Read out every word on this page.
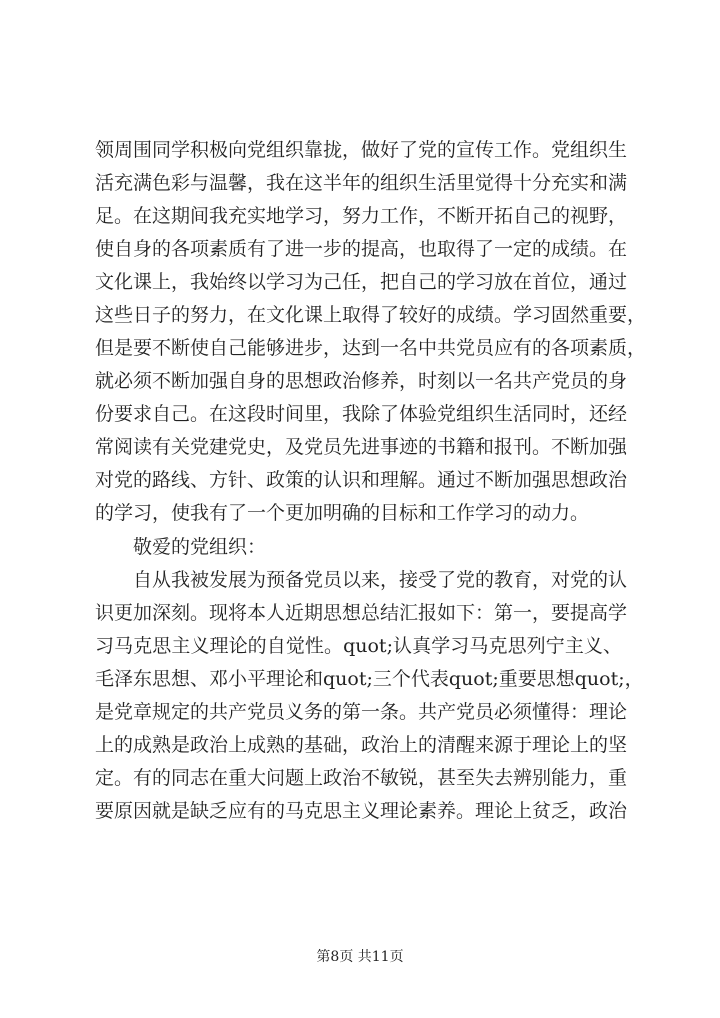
领周围同学积极向党组织靠拢，做好了党的宣传工作。党组织生
活充满色彩与温馨，我在这半年的组织生活里觉得十分充实和满
足。在这期间我充实地学习，努力工作，不断开拓自己的视野，
使自身的各项素质有了进一步的提高，也取得了一定的成绩。在
文化课上，我始终以学习为己任，把自己的学习放在首位，通过
这些日子的努力，在文化课上取得了较好的成绩。学习固然重要，
但是要不断使自己能够进步，达到一名中共党员应有的各项素质，
就必须不断加强自身的思想政治修养，时刻以一名共产党员的身
份要求自己。在这段时间里，我除了体验党组织生活同时，还经
常阅读有关党建党史，及党员先进事迹的书籍和报刊。不断加强
对党的路线、方针、政策的认识和理解。通过不断加强思想政治
的学习，使我有了一个更加明确的目标和工作学习的动力。
敬爱的党组织：
自从我被发展为预备党员以来，接受了党的教育，对党的认
识更加深刻。现将本人近期思想总结汇报如下：第一，要提高学
习马克思主义理论的自觉性。quot;认真学习马克思列宁主义、
毛泽东思想、邓小平理论和quot;三个代表quot;重要思想quot;，
是党章规定的共产党员义务的第一条。共产党员必须懂得：理论
上的成熟是政治上成熟的基础，政治上的清醒来源于理论上的坚
定。有的同志在重大问题上政治不敏锐，甚至失去辨别能力，重
要原因就是缺乏应有的马克思主义理论素养。理论上贫乏，政治
第8页 共11页
